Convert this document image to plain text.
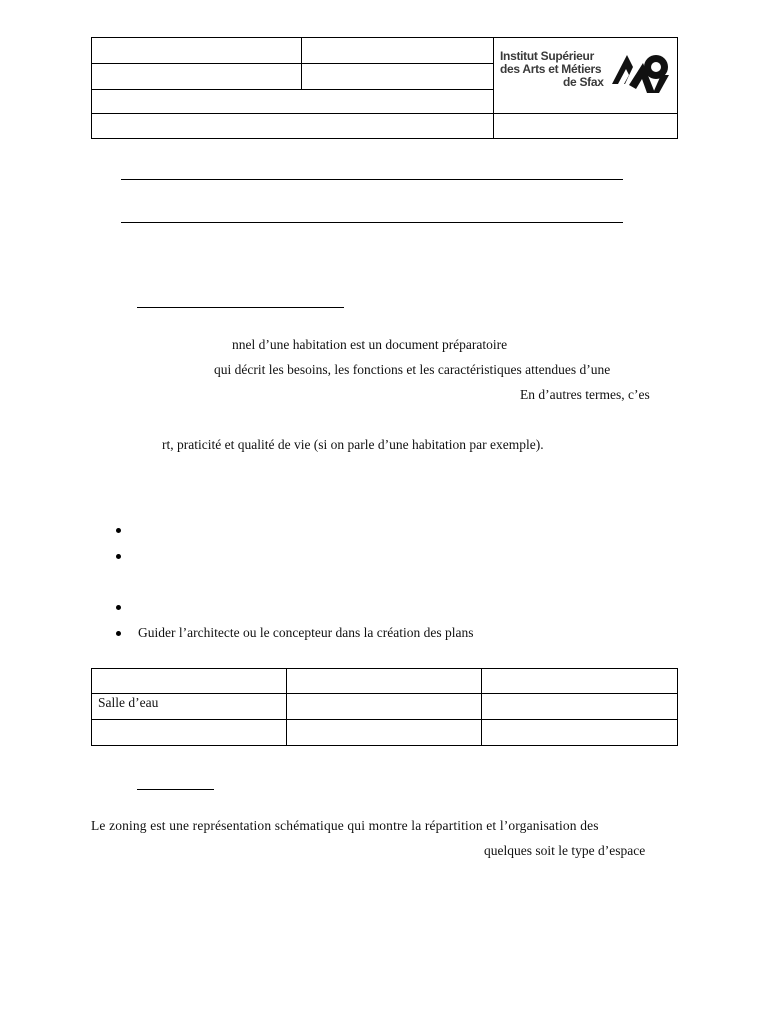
Institut Supérieur
des Arts et Métiers
de Sfax
nnel d’une habitation est un document préparatoire
qui décrit les besoins, les fonctions et les caractéristiques attendues d’une
En d’autres termes, c’es
rt, praticité et qualité de vie (si on parle d’une habitation par exemple).
Guider l’architecte ou le concepteur dans la création des plans
Salle d’eau
Le zoning est une représentation schématique qui montre la répartition et l’organisation des
quelques soit le type d’espace
